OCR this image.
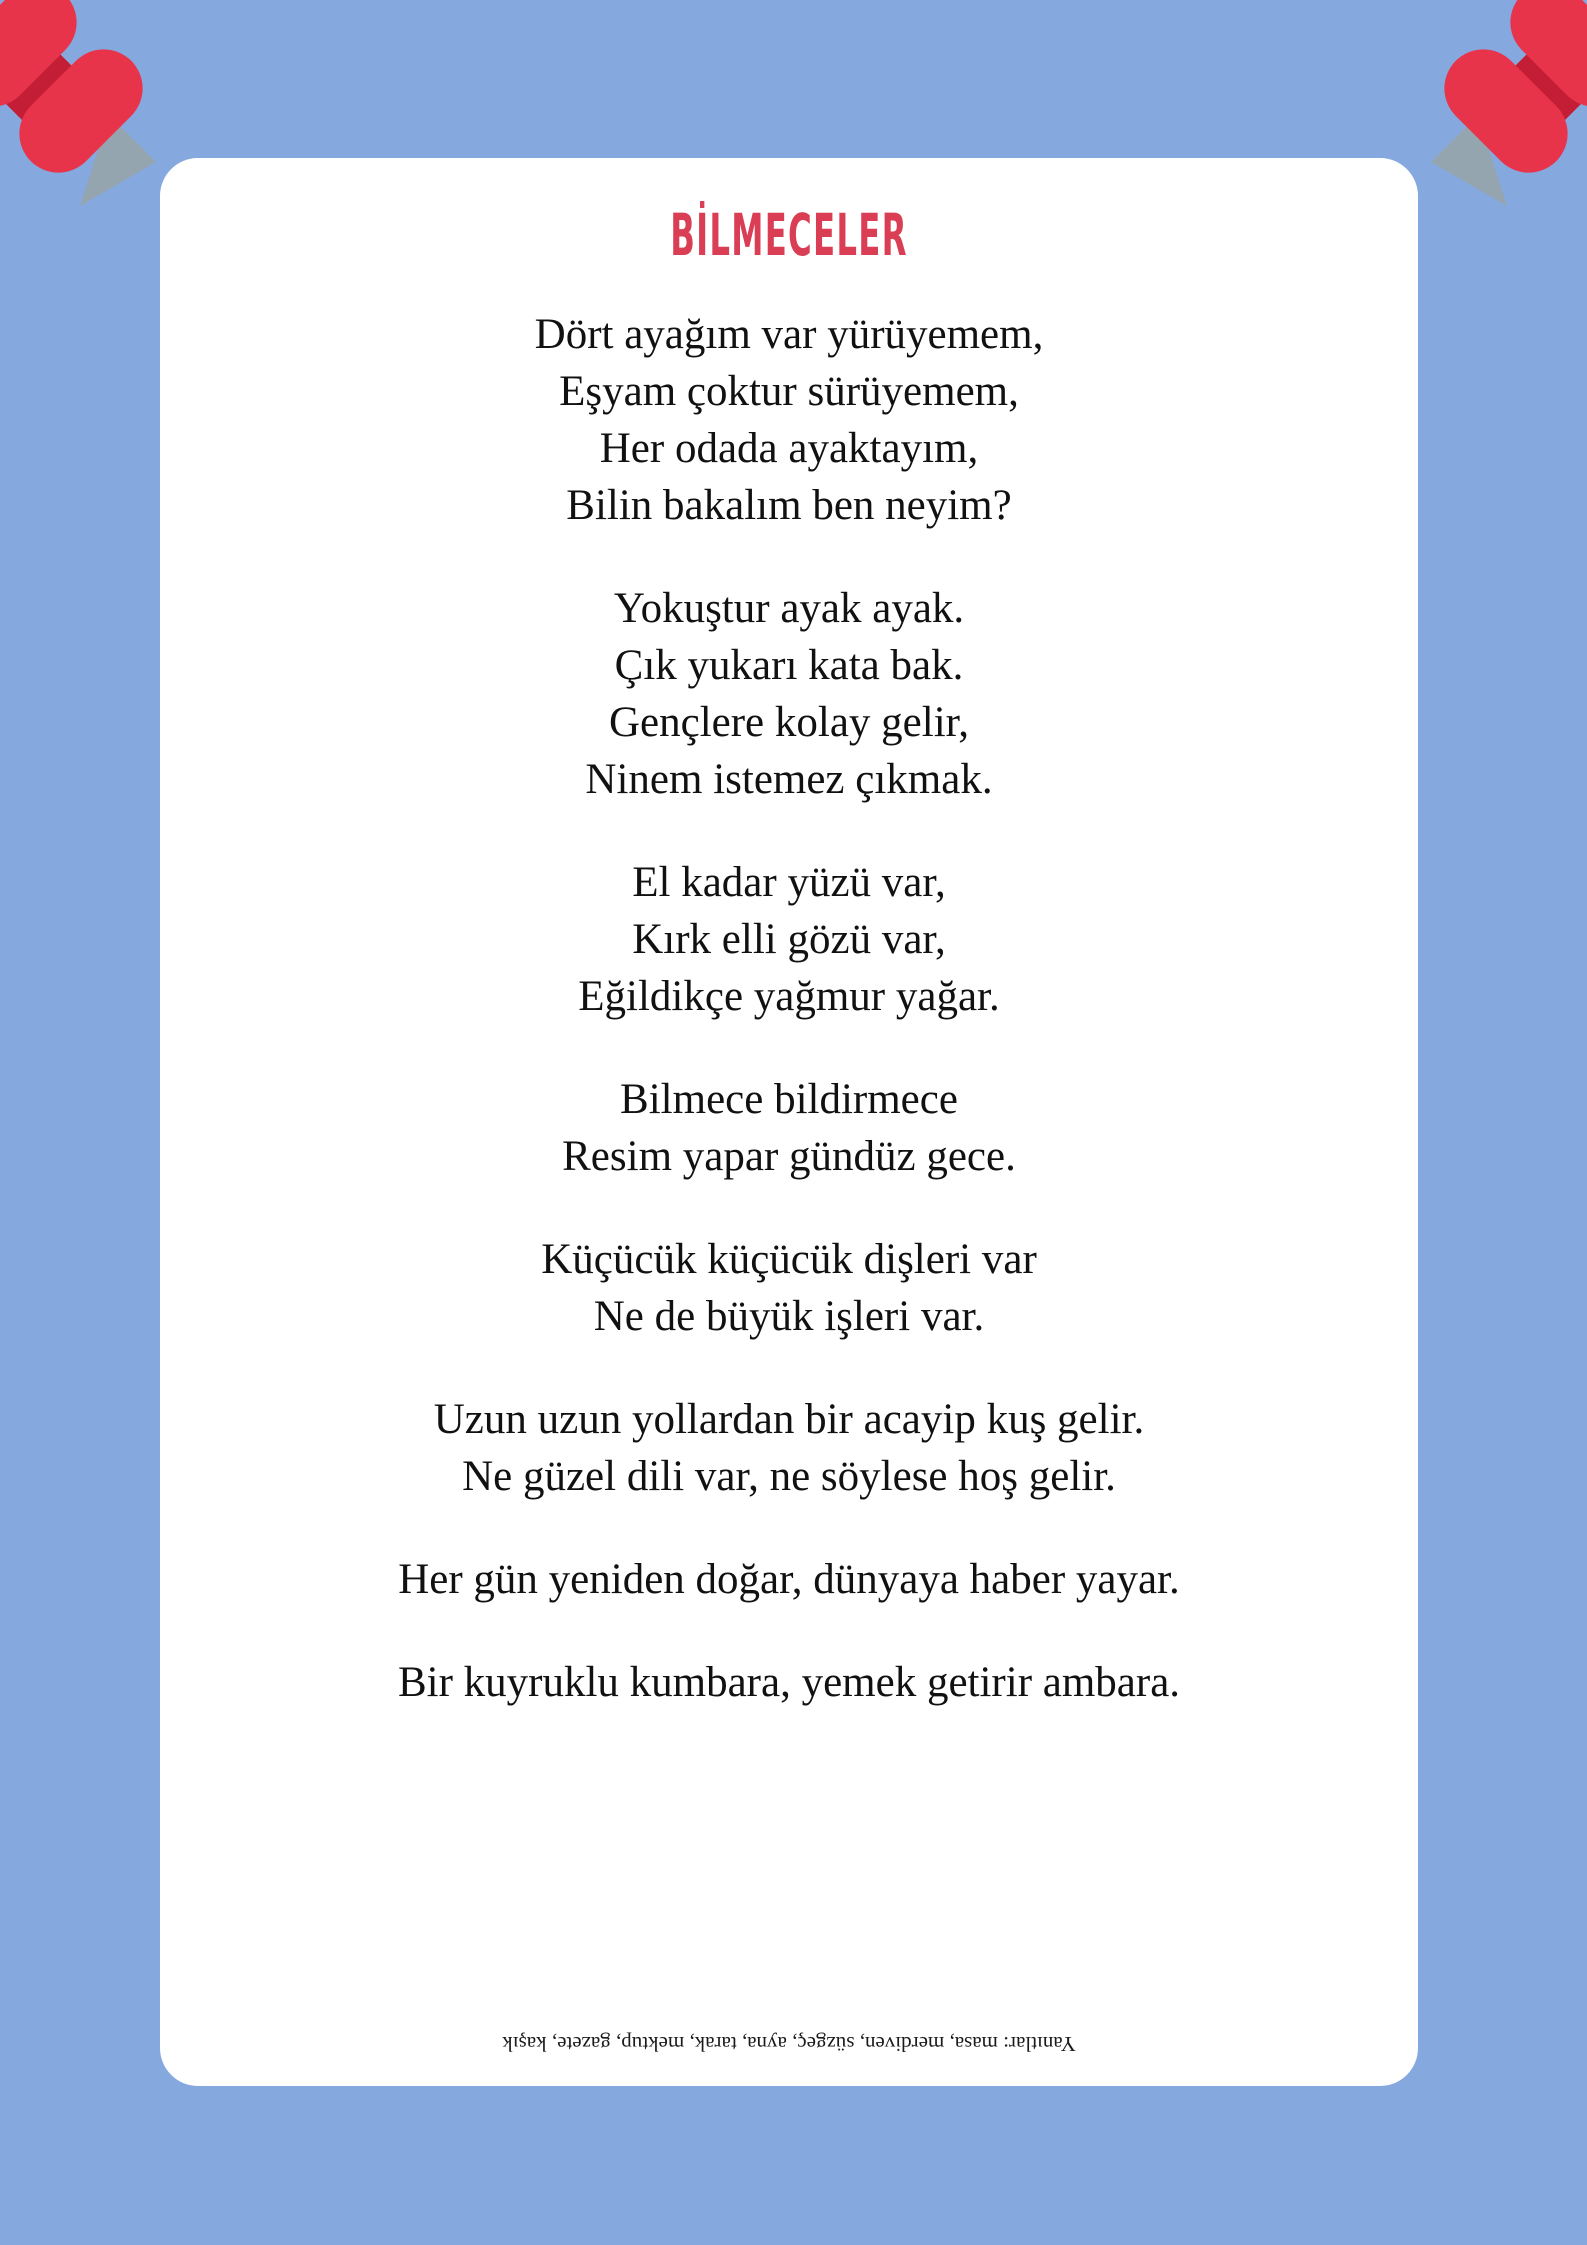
BİLMECELER
Dört ayağım var yürüyemem,
Eşyam çoktur sürüyemem,
Her odada ayaktayım,
Bilin bakalım ben neyim?
Yokuştur ayak ayak.
Çık yukarı kata bak.
Gençlere kolay gelir,
Ninem istemez çıkmak.
El kadar yüzü var,
Kırk elli gözü var,
Eğildikçe yağmur yağar.
Bilmece bildirmece
Resim yapar gündüz gece.
Küçücük küçücük dişleri var
Ne de büyük işleri var.
Uzun uzun yollardan bir acayip kuş gelir.
Ne güzel dili var, ne söylese hoş gelir.
Her gün yeniden doğar, dünyaya haber yayar.
Bir kuyruklu kumbara, yemek getirir ambara.
Yanıtlar: masa, merdiven, süzgeç, ayna, tarak, mektup, gazete, kaşık
